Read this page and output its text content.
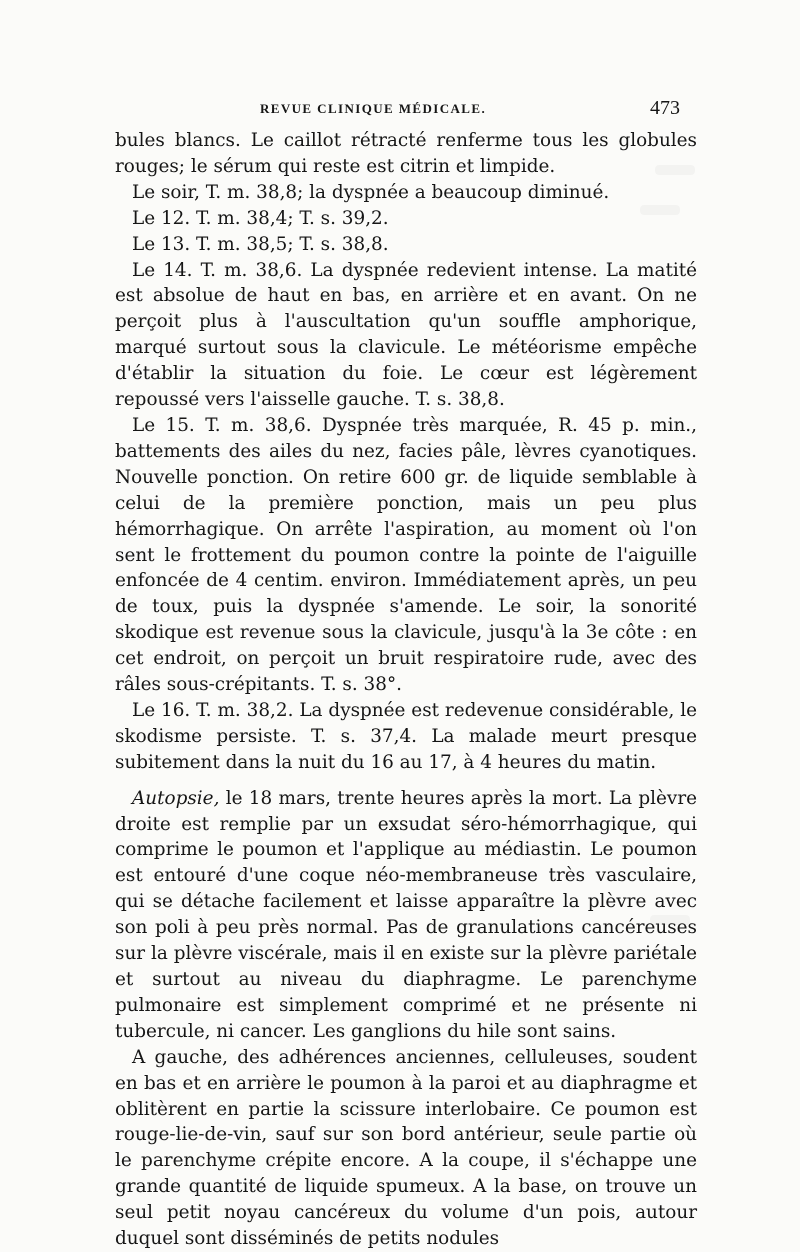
REVUE CLINIQUE MÉDICALE.	473

bules blancs. Le caillot rétracté renferme tous les globules rouges; le sérum qui reste est citrin et limpide.

Le soir, T. m. 38,8; la dyspnée a beaucoup diminué.

Le 12. T. m. 38,4; T. s. 39,2.

Le 13. T. m. 38,5; T. s. 38,8.

Le 14. T. m. 38,6. La dyspnée redevient intense. La matité est absolue de haut en bas, en arrière et en avant. On ne perçoit plus à l'auscultation qu'un souffle amphorique, marqué surtout sous la clavicule. Le météorisme empêche d'établir la situation du foie. Le cœur est légèrement repoussé vers l'aisselle gauche. T. s. 38,8.

Le 15. T. m. 38,6. Dyspnée très marquée, R. 45 p. min., battements des ailes du nez, facies pâle, lèvres cyanotiques. Nouvelle ponction. On retire 600 gr. de liquide semblable à celui de la première ponction, mais un peu plus hémorrhagique. On arrête l'aspiration, au moment où l'on sent le frottement du poumon contre la pointe de l'aiguille enfoncée de 4 centim. environ. Immédiatement après, un peu de toux, puis la dyspnée s'amende. Le soir, la sonorité skodique est revenue sous la clavicule, jusqu'à la 3e côte : en cet endroit, on perçoit un bruit respiratoire rude, avec des râles sous-crépitants. T. s. 38°.

Le 16. T. m. 38,2. La dyspnée est redevenue considérable, le skodisme persiste. T. s. 37,4. La malade meurt presque subitement dans la nuit du 16 au 17, à 4 heures du matin.

Autopsie, le 18 mars, trente heures après la mort. La plèvre droite est remplie par un exsudat séro-hémorrhagique, qui comprime le poumon et l'applique au médiastin. Le poumon est entouré d'une coque néo-membraneuse très vasculaire, qui se détache facilement et laisse apparaître la plèvre avec son poli à peu près normal. Pas de granulations cancéreuses sur la plèvre viscérale, mais il en existe sur la plèvre pariétale et surtout au niveau du diaphragme. Le parenchyme pulmonaire est simplement comprimé et ne présente ni tubercule, ni cancer. Les ganglions du hile sont sains.

A gauche, des adhérences anciennes, celluleuses, soudent en bas et en arrière le poumon à la paroi et au diaphragme et oblitèrent en partie la scissure interlobaire. Ce poumon est rouge-lie-de-vin, sauf sur son bord antérieur, seule partie où le parenchyme crépite encore. A la coupe, il s'échappe une grande quantité de liquide spumeux. A la base, on trouve un seul petit noyau cancéreux du volume d'un pois, autour duquel sont disséminés de petits nodules
